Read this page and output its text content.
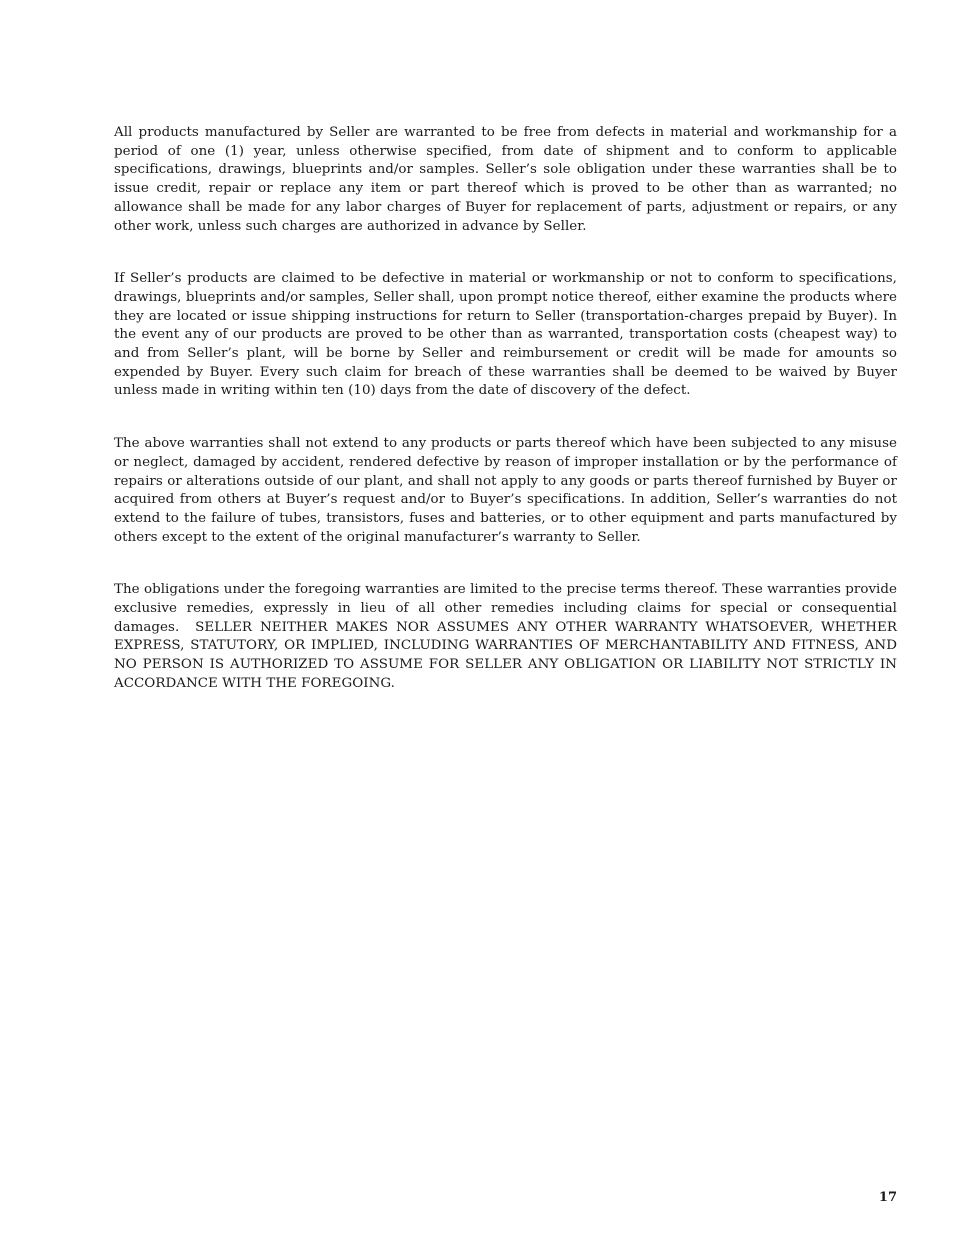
All products manufactured by Seller are warranted to be free from defects in material and workmanship for a period of one (1) year, unless otherwise specified, from date of shipment and to conform to applicable specifications, drawings, blueprints and/or samples. Seller’s sole obligation under these warranties shall be to issue credit, repair or replace any item or part thereof which is proved to be other than as warranted; no allowance shall be made for any labor charges of Buyer for replacement of parts, adjustment or repairs, or any other work, unless such charges are authorized in advance by Seller.

If Seller’s products are claimed to be defective in material or workmanship or not to conform to specifications, drawings, blueprints and/or samples, Seller shall, upon prompt notice thereof, either examine the products where they are located or issue shipping instructions for return to Seller (transportation-charges prepaid by Buyer). In the event any of our products are proved to be other than as warranted, transportation costs (cheapest way) to and from Seller’s plant, will be borne by Seller and reimbursement or credit will be made for amounts so expended by Buyer. Every such claim for breach of these warranties shall be deemed to be waived by Buyer unless made in writing within ten (10) days from the date of discovery of the defect.

The above warranties shall not extend to any products or parts thereof which have been subjected to any misuse or neglect, damaged by accident, rendered defective by reason of improper installation or by the performance of repairs or alterations outside of our plant, and shall not apply to any goods or parts thereof furnished by Buyer or acquired from others at Buyer’s request and/or to Buyer’s specifications. In addition, Seller’s warranties do not extend to the failure of tubes, transistors, fuses and batteries, or to other equipment and parts manufactured by others except to the extent of the original manufacturer’s warranty to Seller.

The obligations under the foregoing warranties are limited to the precise terms thereof. These warranties provide exclusive remedies, expressly in lieu of all other remedies including claims for special or consequential damages. SELLER NEITHER MAKES NOR ASSUMES ANY OTHER WARRANTY WHATSOEVER, WHETHER EXPRESS, STATUTORY, OR IMPLIED, INCLUDING WARRANTIES OF MERCHANTABILITY AND FITNESS, AND NO PERSON IS AUTHORIZED TO ASSUME FOR SELLER ANY OBLIGATION OR LIABILITY NOT STRICTLY IN ACCORDANCE WITH THE FOREGOING.

17
